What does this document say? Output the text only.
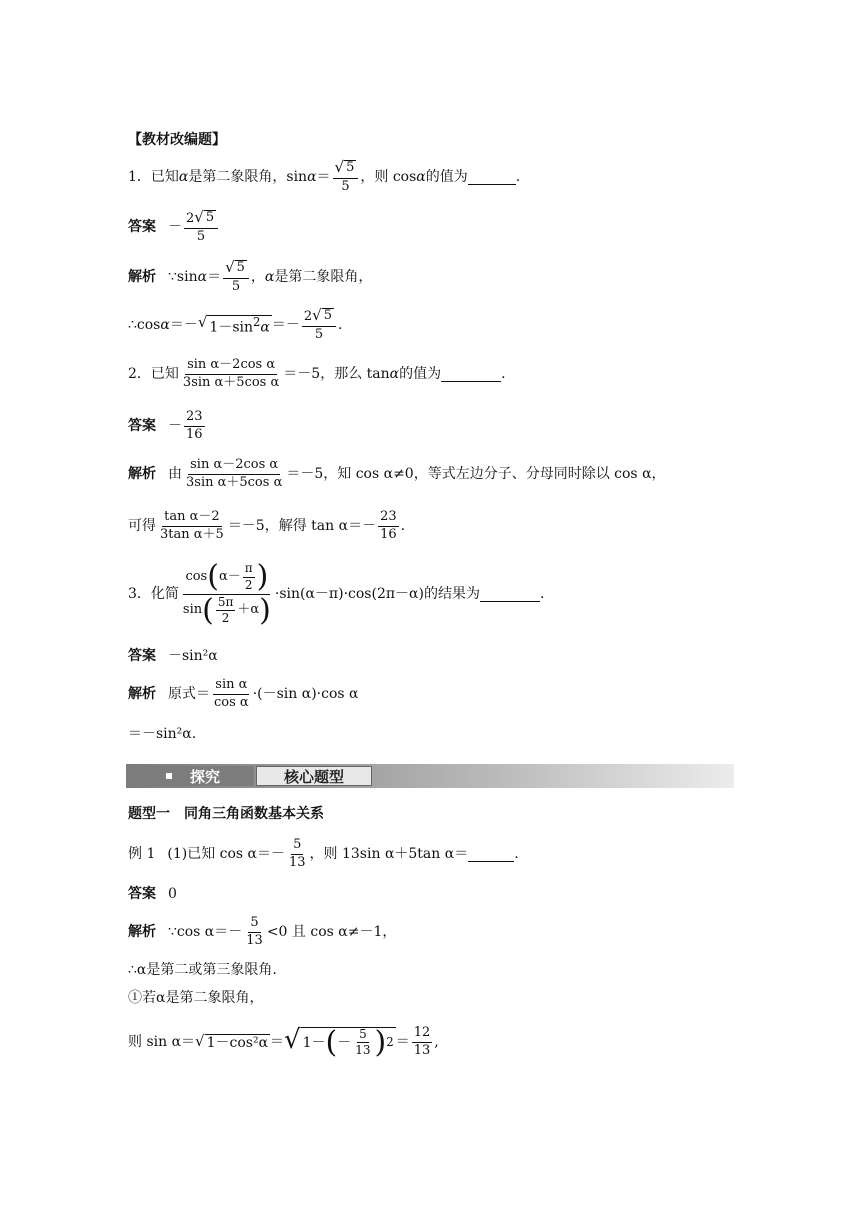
【教材改编题】
1． 已知 α 是第二象限角，$\sin \alpha = \frac{√ 5}{5}$ ，则 cos α 的值为	.
答案 － $\frac{2 √ 5}{5}$
解析 ∵sin $\alpha = \frac{√ 5}{5}$ ， α 是第二象限角，
∴cos α ＝－ √ $1-\sin^2\alpha =- \frac{2 √ 5}{5}$ .
2． 已知 $\frac{\text{sin α－2cos α}}{\text{3sin α＋5cos α}} =-5$，那么 tan α 的值为	.
答案 － $\frac{23}{16}$
解析 由 $\frac{\text{sin α－2cos α}}{\text{3sin α＋5cos α}} =-5$，知 cos α≠0，等式左边分子、分母同时除以 cos α，
可得 $\frac{\text{tan α－2}}{\text{3tan α＋5}} =-5$，解得 $\tan \alpha=- \frac{23}{16}$ .
3． 化简 $\frac{\cos ( \alpha- \frac{\pi}{2} )}{\sin ( \frac{5\pi}{2} +\alpha )} \cdot\sin(\alpha-\pi)\cdot\cos(2\pi-\alpha)$的结果为	.
答案 －sin²α
解析 原式＝ $\frac{\text{sin α}}{\text{cos α}} \cdot(-\sin$ α)·cos α
＝－sin²α.
探究	核心题型
题型一　同角三角函数基本关系
例 1 (1)已知 $\cos \alpha=- \frac{5}{13}$ ，则 13sin α＋5tan α＝	.
答案 0
解析 ∵cos $\alpha=- \frac{5}{13} <0$ 且 cos α≠－1，
∴α是第二或第三象限角.
①若α是第二象限角，
则 sin α＝ √ 1－cos²α ＝ √ 1－ ( － $\frac{5}{13}$ ) $2 = \frac{12}{13}$ ,
